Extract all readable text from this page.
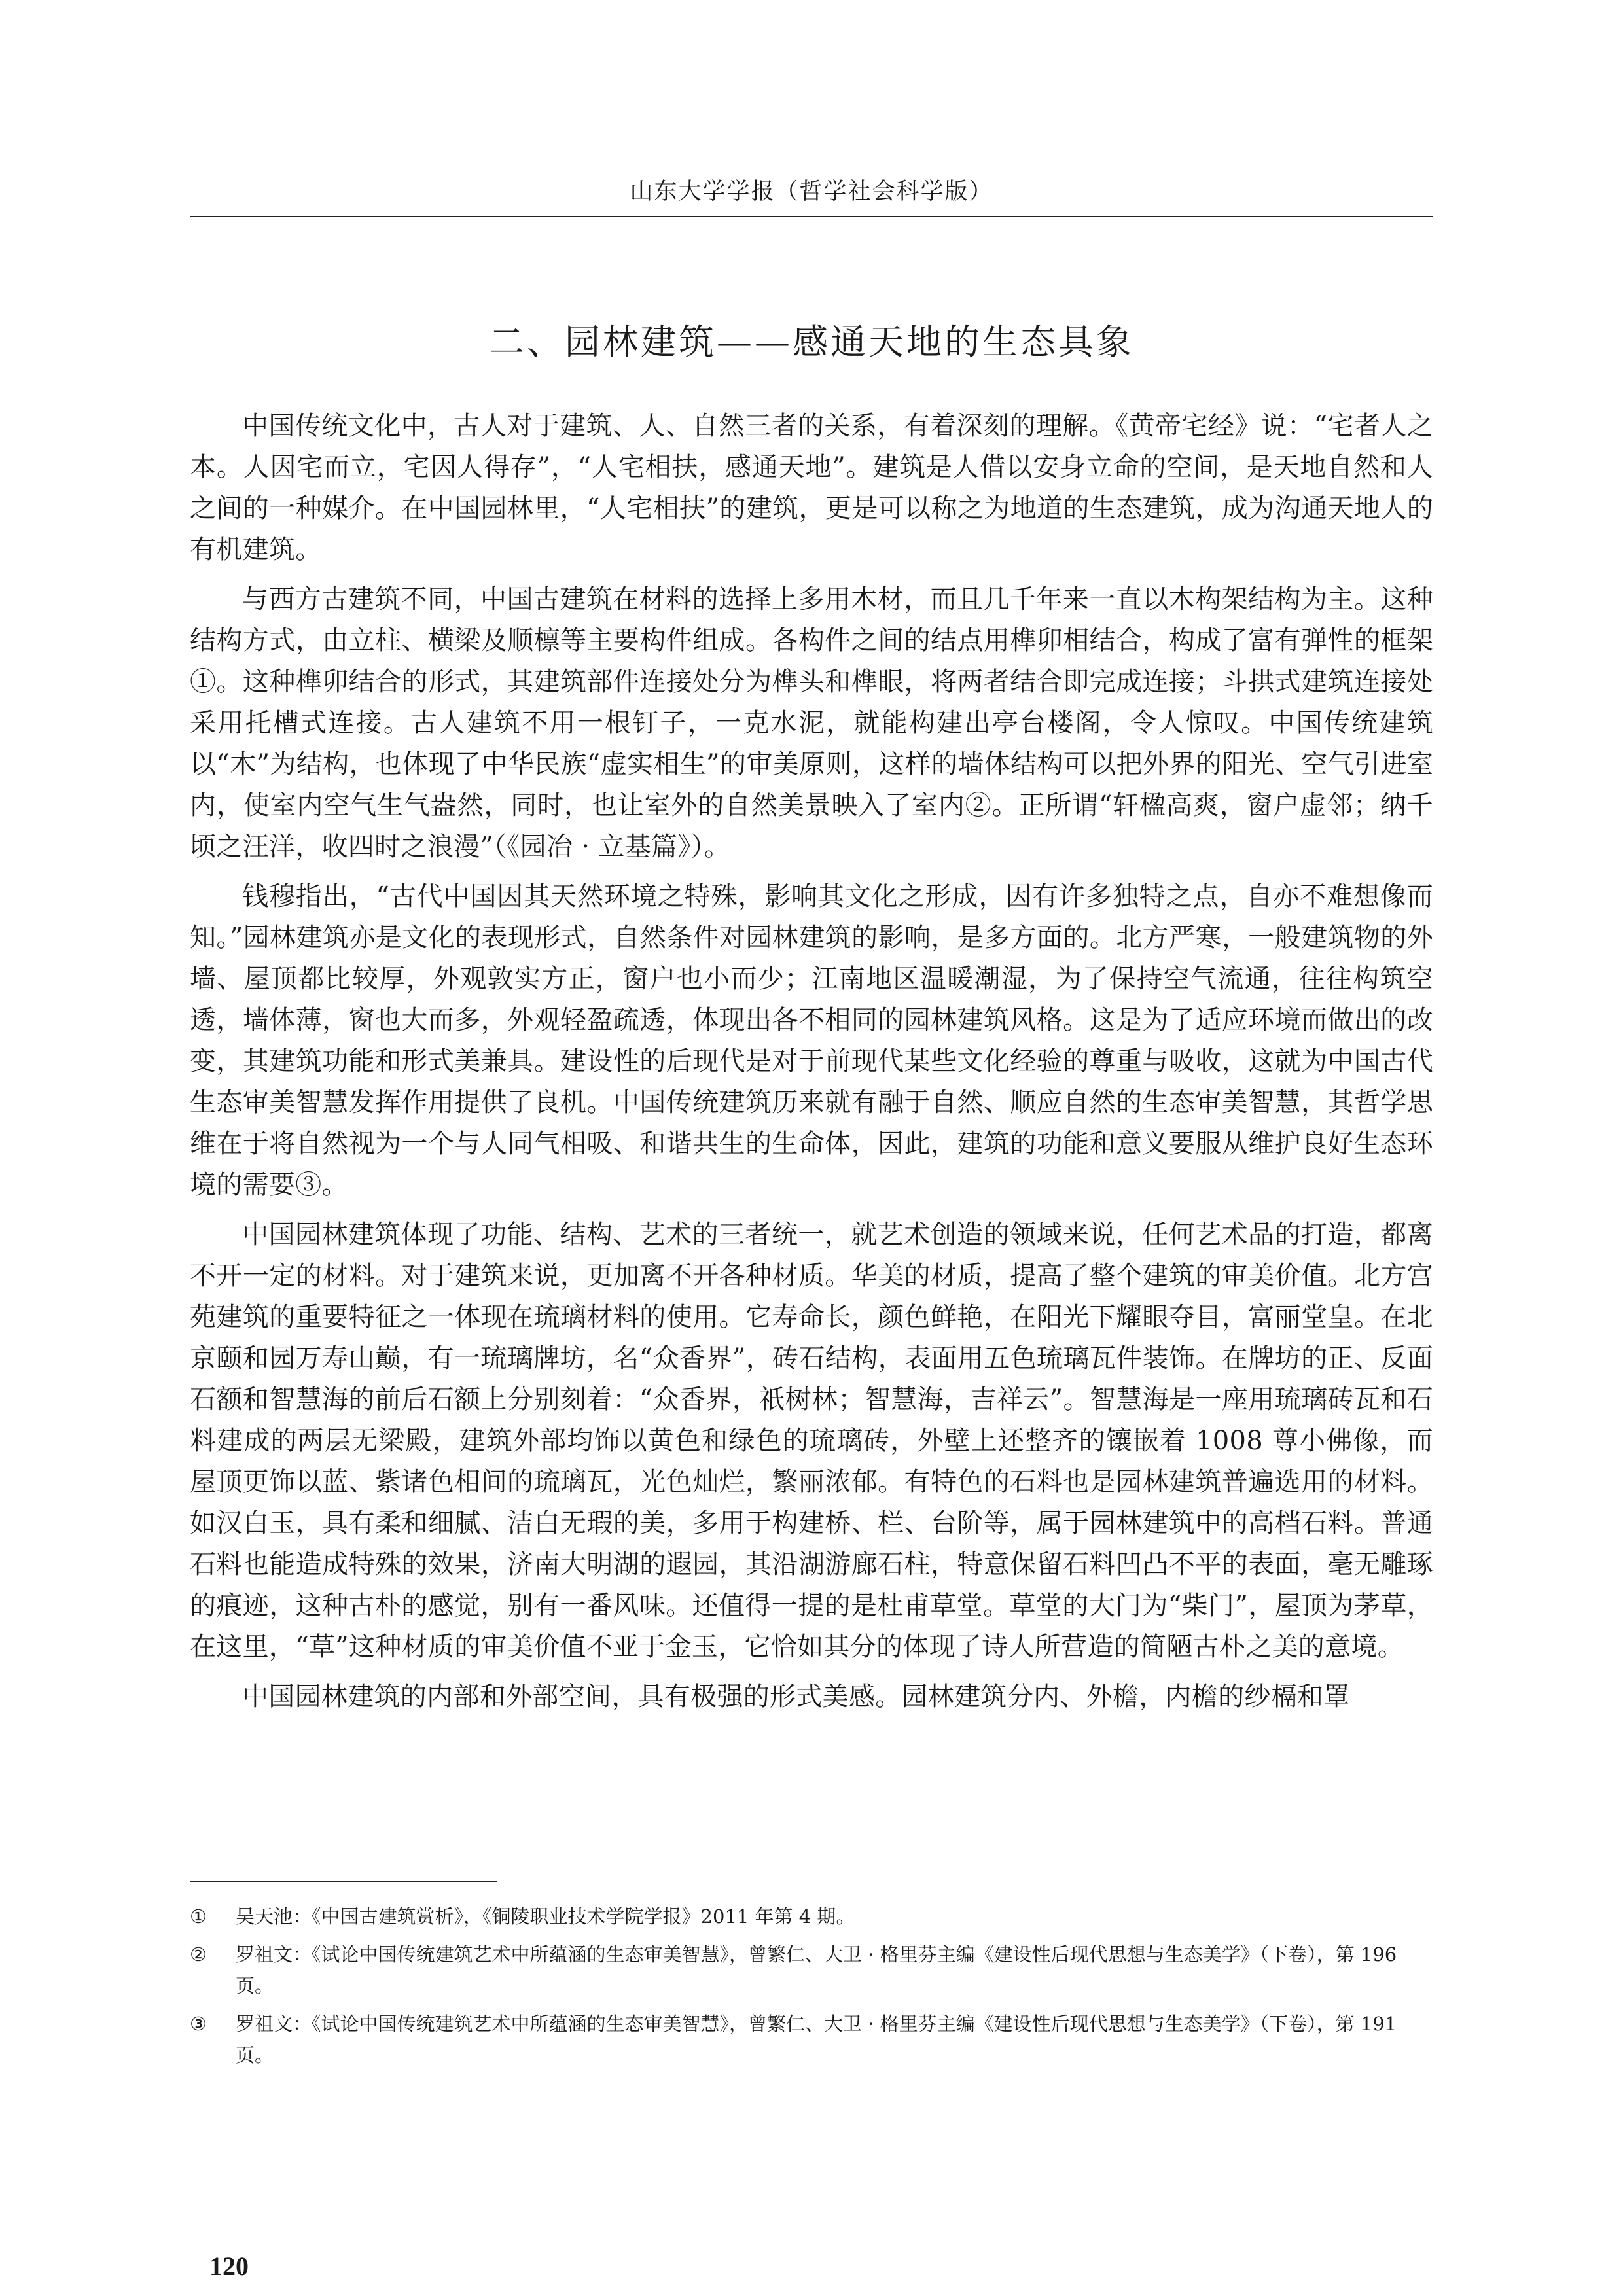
山东大学学报（哲学社会科学版）
二、园林建筑——感通天地的生态具象

中国传统文化中，古人对于建筑、人、自然三者的关系，有着深刻的理解。《黄帝宅经》说：“宅者人之本。人因宅而立，宅因人得存”，“人宅相扶，感通天地”。建筑是人借以安身立命的空间，是天地自然和人之间的一种媒介。在中国园林里，“人宅相扶”的建筑，更是可以称之为地道的生态建筑，成为沟通天地人的有机建筑。

与西方古建筑不同，中国古建筑在材料的选择上多用木材，而且几千年来一直以木构架结构为主。这种结构方式，由立柱、横梁及顺檩等主要构件组成。各构件之间的结点用榫卯相结合，构成了富有弹性的框架①。这种榫卯结合的形式，其建筑部件连接处分为榫头和榫眼，将两者结合即完成连接；斗拱式建筑连接处采用托槽式连接。古人建筑不用一根钉子，一克水泥，就能构建出亭台楼阁，令人惊叹。中国传统建筑以“木”为结构，也体现了中华民族“虚实相生”的审美原则，这样的墙体结构可以把外界的阳光、空气引进室内，使室内空气生气盎然，同时，也让室外的自然美景映入了室内②。正所谓“轩楹高爽，窗户虚邻；纳千顷之汪洋，收四时之浪漫”（《园冶 · 立基篇》）。

钱穆指出，“古代中国因其天然环境之特殊，影响其文化之形成，因有许多独特之点，自亦不难想像而知。”园林建筑亦是文化的表现形式，自然条件对园林建筑的影响，是多方面的。北方严寒，一般建筑物的外墙、屋顶都比较厚，外观敦实方正，窗户也小而少；江南地区温暖潮湿，为了保持空气流通，往往构筑空透，墙体薄，窗也大而多，外观轻盈疏透，体现出各不相同的园林建筑风格。这是为了适应环境而做出的改变，其建筑功能和形式美兼具。建设性的后现代是对于前现代某些文化经验的尊重与吸收，这就为中国古代生态审美智慧发挥作用提供了良机。中国传统建筑历来就有融于自然、顺应自然的生态审美智慧，其哲学思维在于将自然视为一个与人同气相吸、和谐共生的生命体，因此，建筑的功能和意义要服从维护良好生态环境的需要③。

中国园林建筑体现了功能、结构、艺术的三者统一，就艺术创造的领域来说，任何艺术品的打造，都离不开一定的材料。对于建筑来说，更加离不开各种材质。华美的材质，提高了整个建筑的审美价值。北方宫苑建筑的重要特征之一体现在琉璃材料的使用。它寿命长，颜色鲜艳，在阳光下耀眼夺目，富丽堂皇。在北京颐和园万寿山巅，有一琉璃牌坊，名“众香界”，砖石结构，表面用五色琉璃瓦件装饰。在牌坊的正、反面石额和智慧海的前后石额上分别刻着：“众香界，祇树林；智慧海，吉祥云”。智慧海是一座用琉璃砖瓦和石料建成的两层无梁殿，建筑外部均饰以黄色和绿色的琉璃砖，外壁上还整齐的镶嵌着 1008 尊小佛像，而屋顶更饰以蓝、紫诸色相间的琉璃瓦，光色灿烂，繁丽浓郁。有特色的石料也是园林建筑普遍选用的材料。如汉白玉，具有柔和细腻、洁白无瑕的美，多用于构建桥、栏、台阶等，属于园林建筑中的高档石料。普通石料也能造成特殊的效果，济南大明湖的遐园，其沿湖游廊石柱，特意保留石料凹凸不平的表面，毫无雕琢的痕迹，这种古朴的感觉，别有一番风味。还值得一提的是杜甫草堂。草堂的大门为“柴门”，屋顶为茅草，在这里，“草”这种材质的审美价值不亚于金玉，它恰如其分的体现了诗人所营造的简陋古朴之美的意境。

中国园林建筑的内部和外部空间，具有极强的形式美感。园林建筑分内、外檐，内檐的纱槅和罩

①	吴天池：《中国古建筑赏析》，《铜陵职业技术学院学报》2011 年第 4 期。
②	罗祖文：《试论中国传统建筑艺术中所蕴涵的生态审美智慧》，曾繁仁、大卫 · 格里芬主编《建设性后现代思想与生态美学》（下卷），第 196 页。
③	罗祖文：《试论中国传统建筑艺术中所蕴涵的生态审美智慧》，曾繁仁、大卫 · 格里芬主编《建设性后现代思想与生态美学》（下卷），第 191 页。
120
